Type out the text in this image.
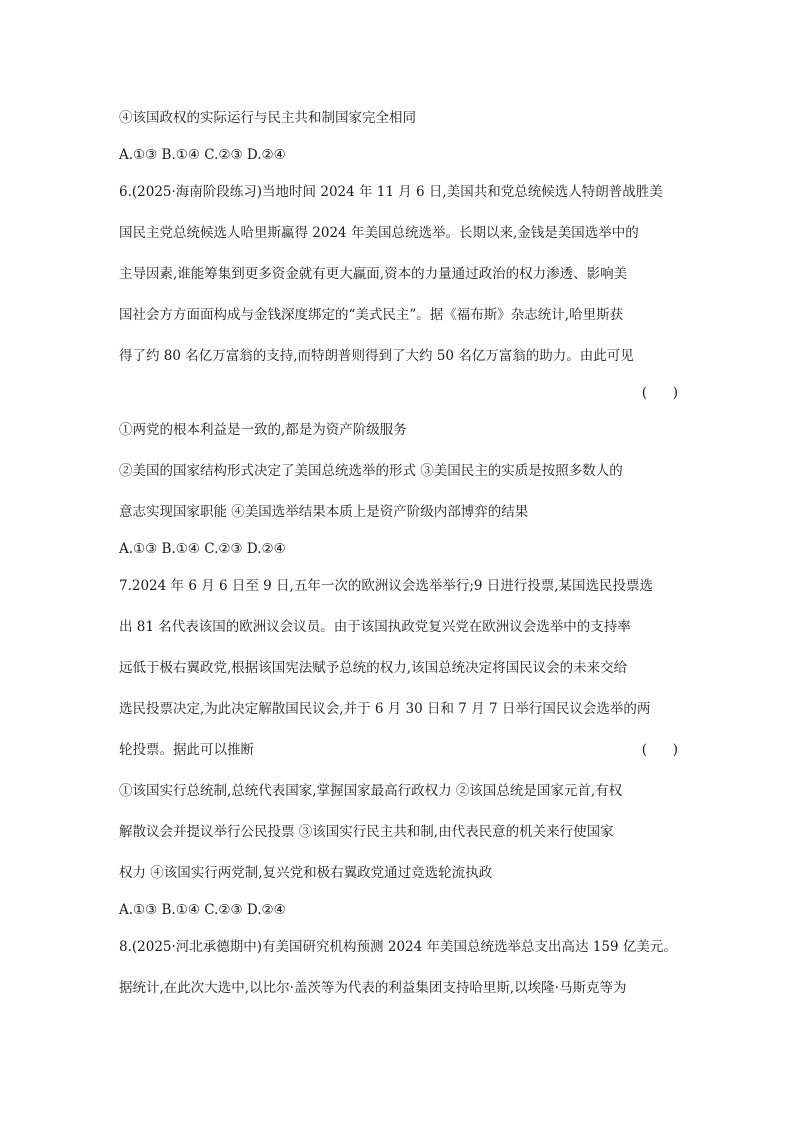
④该国政权的实际运行与民主共和制国家完全相同
A.①③ B.①④ C.②③ D.②④
6.(2025·海南阶段练习)当地时间 2024 年 11 月 6 日,美国共和党总统候选人特朗普战胜美
国民主党总统候选人哈里斯赢得 2024 年美国总统选举。长期以来,金钱是美国选举中的
主导因素,谁能筹集到更多资金就有更大赢面,资本的力量通过政治的权力渗透、影响美
国社会方方面面构成与金钱深度绑定的“美式民主”。据《福布斯》杂志统计,哈里斯获
得了约 80 名亿万富翁的支持,而特朗普则得到了大约 50 名亿万富翁的助力。由此可见
(      )
①两党的根本利益是一致的,都是为资产阶级服务
②美国的国家结构形式决定了美国总统选举的形式 ③美国民主的实质是按照多数人的
意志实现国家职能 ④美国选举结果本质上是资产阶级内部博弈的结果
A.①③ B.①④ C.②③ D.②④
7.2024 年 6 月 6 日至 9 日,五年一次的欧洲议会选举举行;9 日进行投票,某国选民投票选
出 81 名代表该国的欧洲议会议员。由于该国执政党复兴党在欧洲议会选举中的支持率
远低于极右翼政党,根据该国宪法赋予总统的权力,该国总统决定将国民议会的未来交给
选民投票决定,为此决定解散国民议会,并于 6 月 30 日和 7 月 7 日举行国民议会选举的两
轮投票。据此可以推断	(      )
①该国实行总统制,总统代表国家,掌握国家最高行政权力 ②该国总统是国家元首,有权
解散议会并提议举行公民投票 ③该国实行民主共和制,由代表民意的机关来行使国家
权力 ④该国实行两党制,复兴党和极右翼政党通过竞选轮流执政
A.①③ B.①④ C.②③ D.②④
8.(2025·河北承德期中)有美国研究机构预测 2024 年美国总统选举总支出高达 159 亿美元。
据统计,在此次大选中,以比尔·盖茨等为代表的利益集团支持哈里斯,以埃隆·马斯克等为
